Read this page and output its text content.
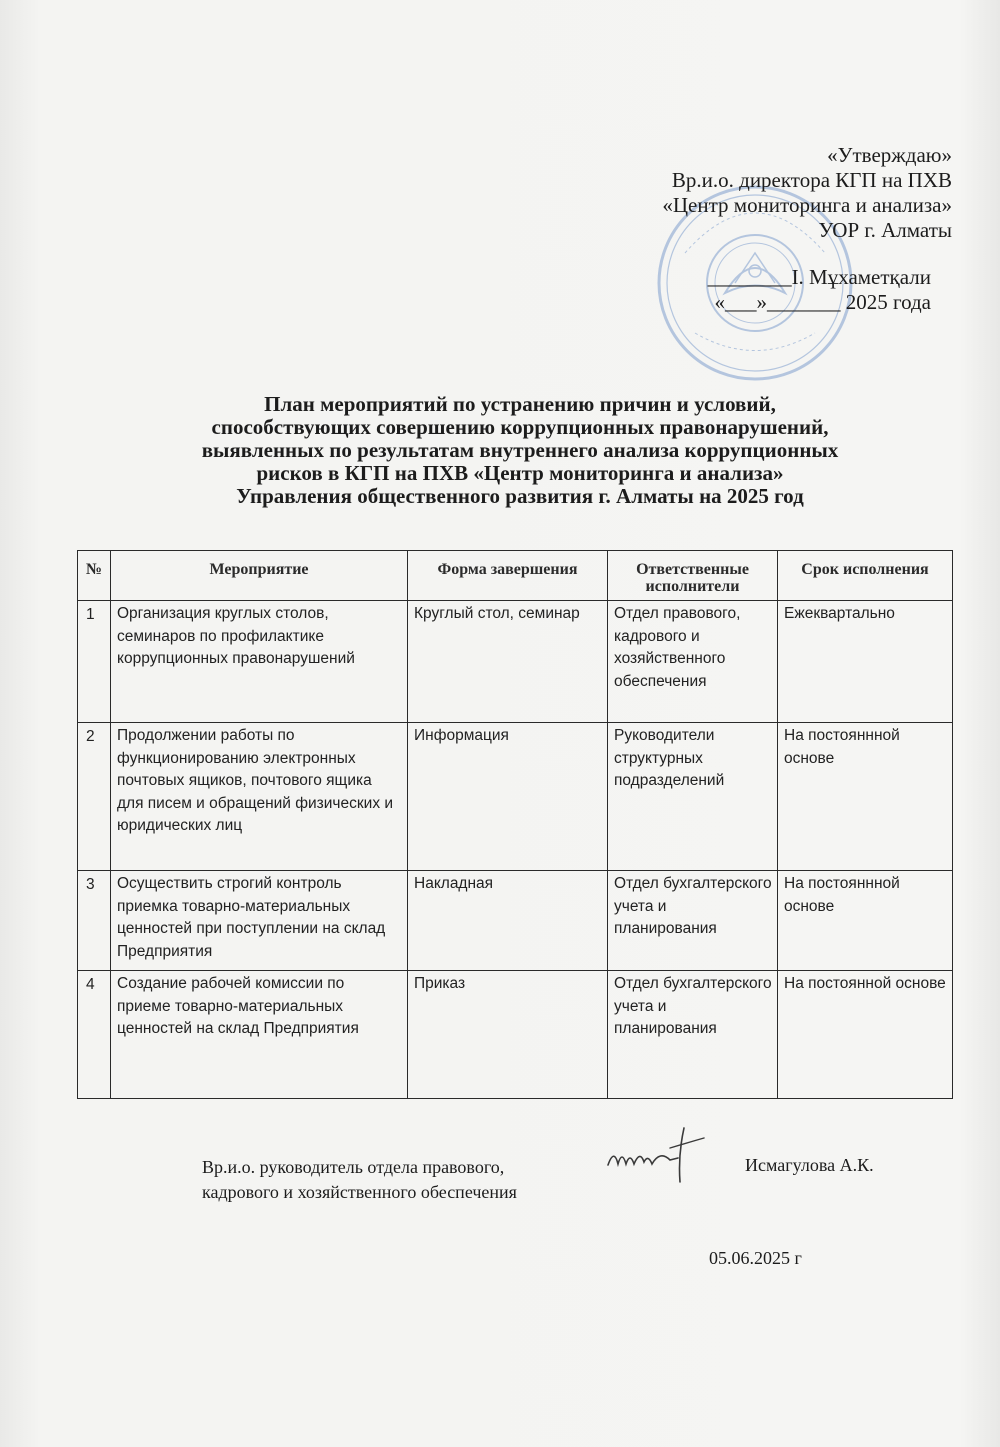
«Утверждаю»
Вр.и.о. директора КГП на ПХВ
«Центр мониторинга и анализа»
УОР г. Алматы
________І. Мұхаметқали
«___»_______ 2025 года
План мероприятий по устранению причин и условий,
способствующих совершению коррупционных правонарушений,
выявленных по результатам внутреннего анализа коррупционных
рисков в КГП на ПХВ «Центр мониторинга и анализа»
Управления общественного развития г. Алматы на 2025 год
№	Мероприятие	Форма завершения	Ответственные исполнители	Срок исполнения
1	Организация круглых столов, семинаров по профилактике коррупционных правонарушений	Круглый стол, семинар	Отдел правового, кадрового и хозяйственного обеспечения	Ежеквартально
2	Продолжении работы по функционированию электронных почтовых ящиков, почтового ящика для писем и обращений физических и юридических лиц	Информация	Руководители структурных подразделений	На постояннной основе
3	Осуществить строгий контроль приемка товарно-материальных ценностей при поступлении на склад Предприятия	Накладная	Отдел бухгалтерского учета и планирования	На постояннной основе
4	Создание рабочей комиссии по приеме товарно-материальных ценностей на склад Предприятия	Приказ	Отдел бухгалтерского учета и планирования	На постоянной основе
Вр.и.о. руководитель отдела правового,
кадрового и хозяйственного обеспечения
Исмагулова А.К.
05.06.2025 г
